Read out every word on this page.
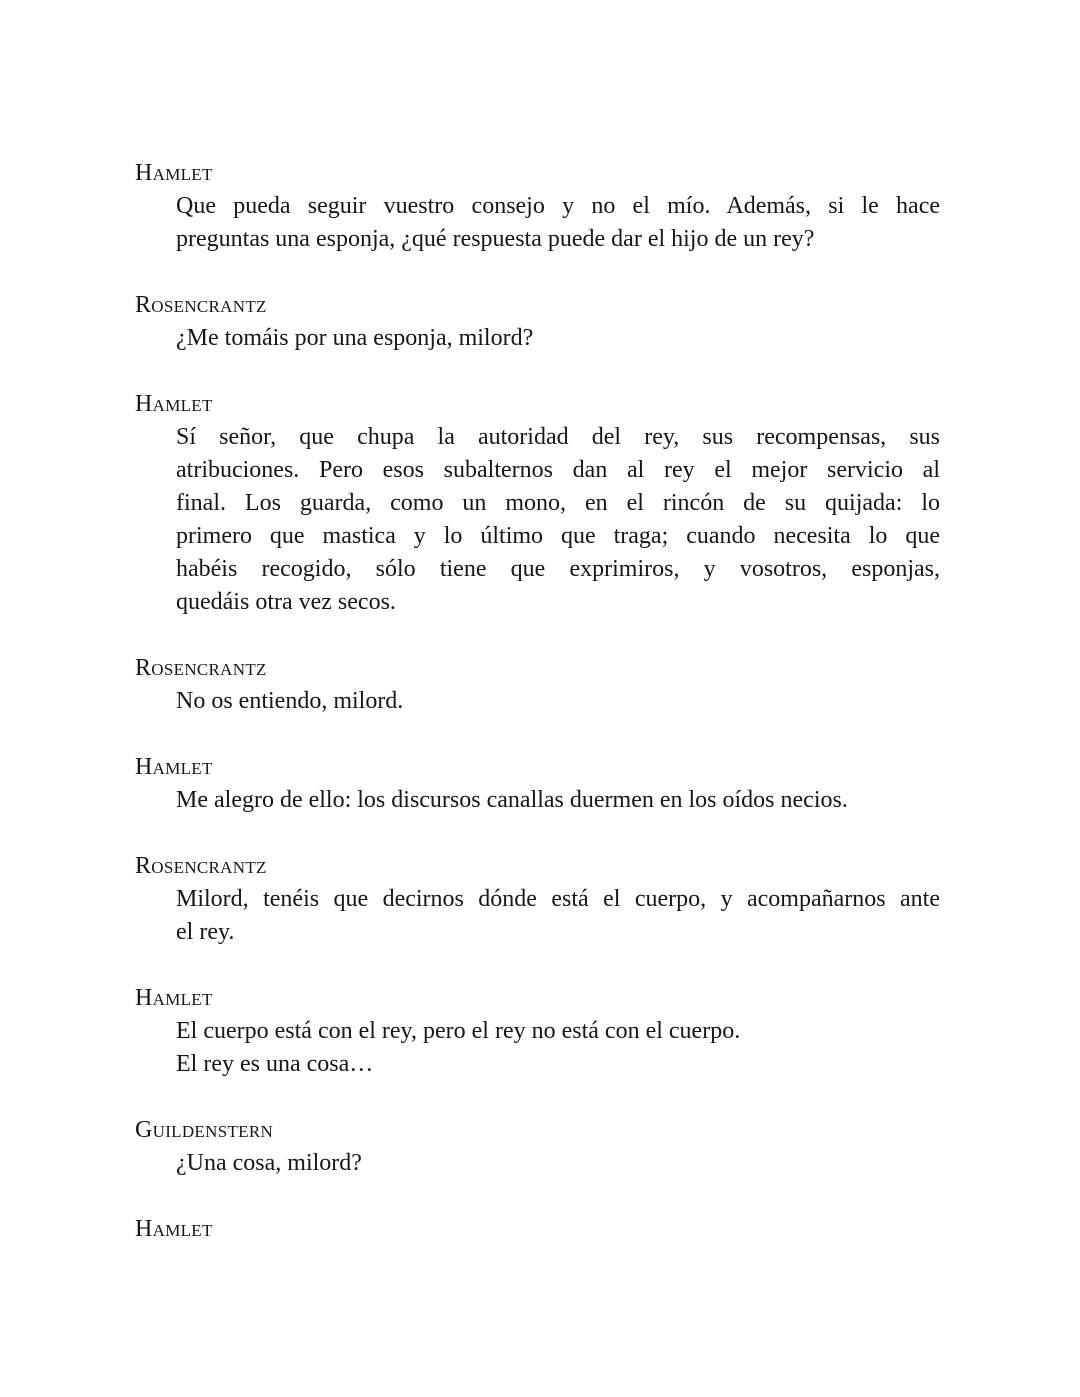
Hamlet
Que pueda seguir vuestro consejo y no el mío. Además, si le hace
preguntas una esponja, ¿qué respuesta puede dar el hijo de un rey?
Rosencrantz
¿Me tomáis por una esponja, milord?
Hamlet
Sí señor, que chupa la autoridad del rey, sus recompensas, sus
atribuciones. Pero esos subalternos dan al rey el mejor servicio al
final. Los guarda, como un mono, en el rincón de su quijada: lo
primero que mastica y lo último que traga; cuando necesita lo que
habéis recogido, sólo tiene que exprimiros, y vosotros, esponjas,
quedáis otra vez secos.
Rosencrantz
No os entiendo, milord.
Hamlet
Me alegro de ello: los discursos canallas duermen en los oídos necios.
Rosencrantz
Milord, tenéis que decirnos dónde está el cuerpo, y acompañarnos ante
el rey.
Hamlet
El cuerpo está con el rey, pero el rey no está con el cuerpo.
El rey es una cosa…
Guildenstern
¿Una cosa, milord?
Hamlet
